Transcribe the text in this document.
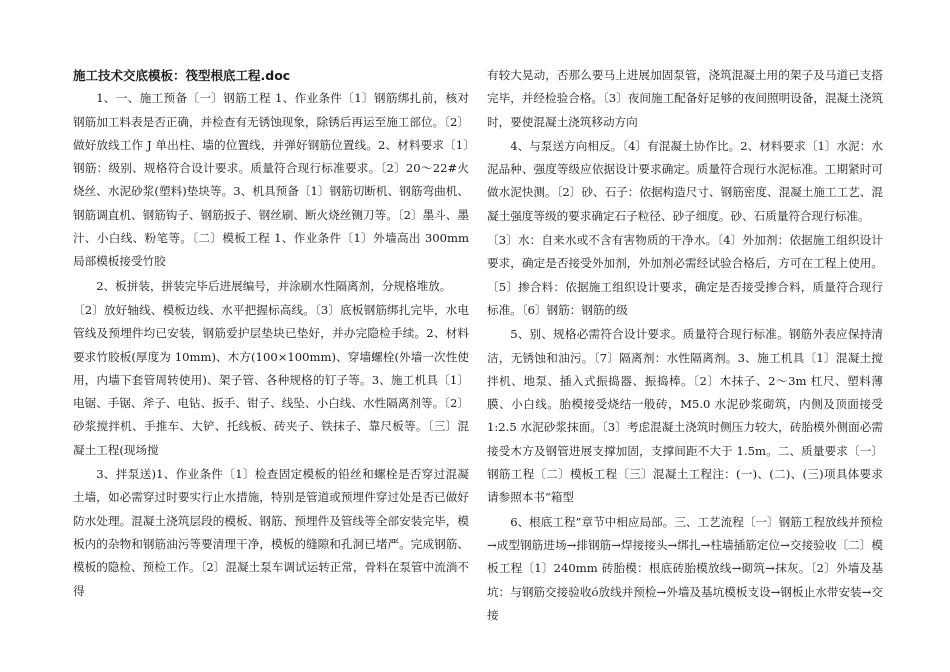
施工技术交底模板：筏型根底工程.doc

1、一、施工预备〔一〕钢筋工程 1、作业条件〔1〕钢筋绑扎前，核对钢筋加工料表是否正确，并检查有无锈蚀现象，除锈后再运至施工部位。〔2〕做好放线工作 J 单出柱、墙的位置线，并弹好钢筋位置线。2、材料要求〔1〕钢筋：级别、规格符合设计要求。质量符合现行标准要求。〔2〕20～22#火烧丝、水泥砂浆(塑料)垫块等。3、机具预备〔1〕钢筋切断机、钢筋弯曲机、钢筋调直机、钢筋钩子、钢筋扳子、钢丝刷、断火烧丝铡刀等。〔2〕墨斗、墨汁、小白线、粉笔等。〔二〕模板工程 1、作业条件〔1〕外墙高出 300mm 局部模板接受竹胶

2、板拼装，拼装完毕后进展编号，并涂刷水性隔离剂，分规格堆放。

〔2〕放好轴线、模板边线、水平把握标高线。〔3〕底板钢筋绑扎完毕，水电管线及预埋件均已安装，钢筋爱护层垫块已垫好，并办完隐检手续。2、材料要求竹胶板(厚度为 10mm)、木方(100×100mm)、穿墙螺栓(外墙一次性使用，内墙下套管周转使用)、架子管、各种规格的钉子等。3、施工机具〔1〕电锯、手锯、斧子、电钻、扳手、钳子、线坠、小白线、水性隔离剂等。〔2〕砂浆搅拌机、手推车、大铲、托线板、砖夹子、铁抹子、靠尺板等。〔三〕混凝土工程(现场搅

3、拌泵送)1、作业条件〔1〕检查固定模板的铅丝和螺栓是否穿过混凝土墙，如必需穿过时要实行止水措施，特别是管道或预埋件穿过处是否已做好防水处理。混凝土浇筑层段的模板、钢筋、预埋件及管线等全部安装完毕，模板内的杂物和钢筋油污等要清理干净，模板的缝隙和孔洞已堵严。完成钢筋、模板的隐检、预检工作。〔2〕混凝土泵车调试运转正常，骨料在泵管中流淌不得

有较大晃动，否那么要马上进展加固泵管，浇筑混凝土用的架子及马道已支搭完毕，并经检验合格。〔3〕夜间施工配备好足够的夜间照明设备，混凝土浇筑时，要使混凝土浇筑移动方向

4、与泵送方向相反。〔4〕有混凝土协作比。2、材料要求〔1〕水泥：水泥品种、强度等级应依据设计要求确定。质量符合现行水泥标准。工期紧时可做水泥快测。〔2〕砂、石子：依据构造尺寸、钢筋密度、混凝土施工工艺、混凝土强度等级的要求确定石子粒径、砂子细度。砂、石质量符合现行标准。

〔3〕水：自来水或不含有害物质的干净水。〔4〕外加剂：依据施工组织设计要求，确定是否接受外加剂，外加剂必需经试验合格后，方可在工程上使用。〔5〕掺合料：依据施工组织设计要求，确定是否接受掺合料，质量符合现行标准。〔6〕钢筋：钢筋的级

5、别、规格必需符合设计要求。质量符合现行标准。钢筋外表应保持清洁，无锈蚀和油污。〔7〕隔离剂：水性隔离剂。3、施工机具〔1〕混凝土搅拌机、地泵、插入式振捣器、振捣棒。〔2〕木抹子、2～3m 杠尺、塑料薄膜、小白线。胎模接受烧结一般砖，M5.0 水泥砂浆砌筑，内侧及顶面接受 1:2.5 水泥砂浆抹面。〔3〕考虑混凝土浇筑时侧压力较大，砖胎模外侧面必需接受木方及钢管进展支撑加固，支撑间距不大于 1.5m。二、质量要求〔一〕钢筋工程〔二〕模板工程〔三〕混凝土工程注：(一)、(二)、(三)项具体要求请参照本书“箱型

6、根底工程”章节中相应局部。三、工艺流程〔一〕钢筋工程放线并预检→成型钢筋进场→排钢筋→焊接接头→绑扎→柱墙插筋定位→交接验收〔二〕模板工程〔1〕240mm 砖胎模：根底砖胎模放线→砌筑→抹灰。〔2〕外墙及基坑：与钢筋交接验收ó放线并预检→外墙及基坑模板支设→钢板止水带安装→交接
